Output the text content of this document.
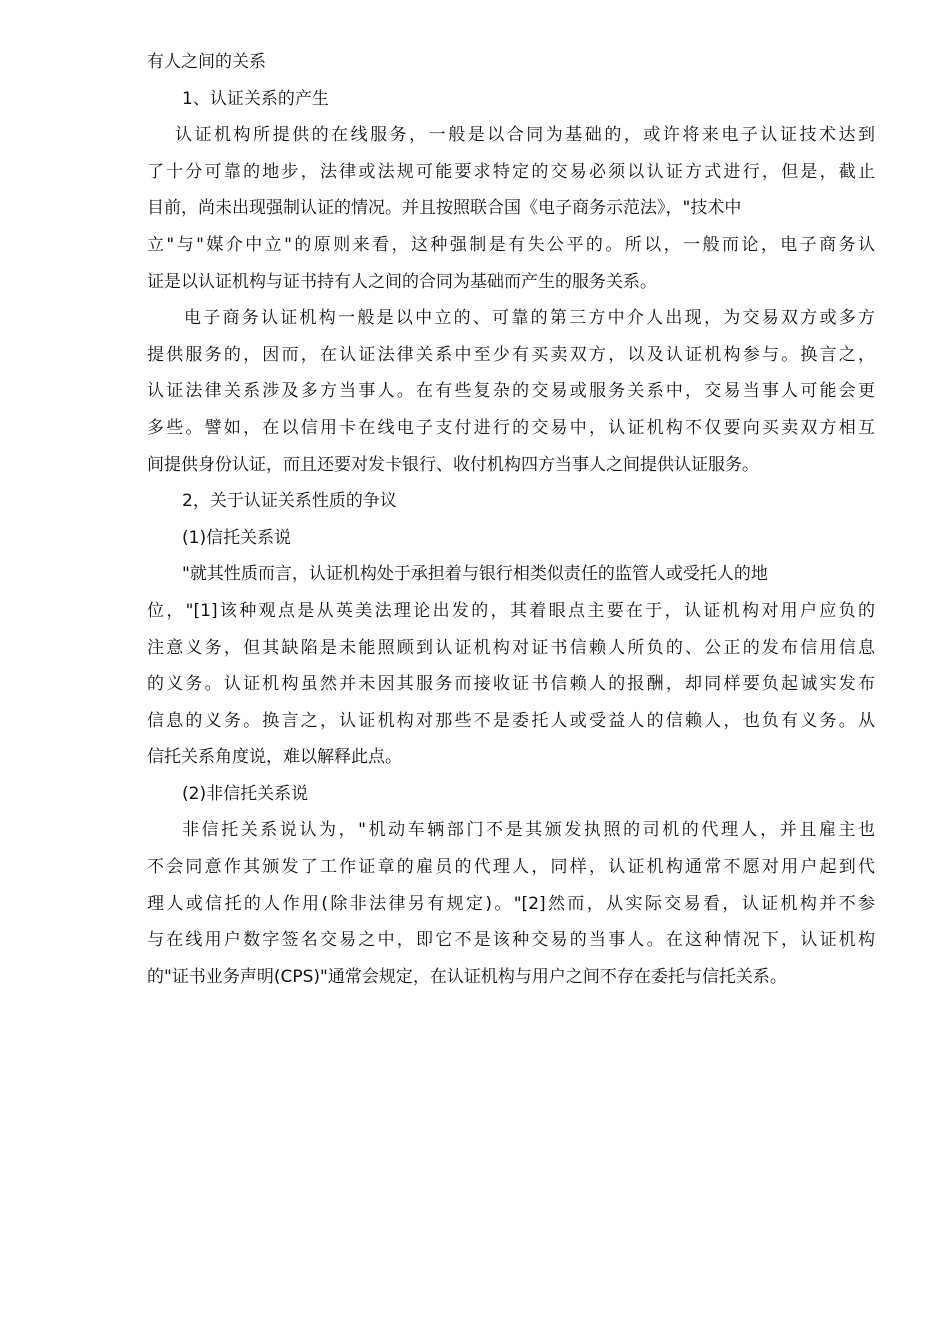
有人之间的关系
1、认证关系的产生
认证机构所提供的在线服务，一般是以合同为基础的，或许将来电子认证技术达到
了十分可靠的地步，法律或法规可能要求特定的交易必须以认证方式进行，但是，截止
目前，尚未出现强制认证的情况。并且按照联合国《电子商务示范法》，"技术中
立"与"媒介中立"的原则来看，这种强制是有失公平的。所以，一般而论，电子商务认
证是以认证机构与证书持有人之间的合同为基础而产生的服务关系。
电子商务认证机构一般是以中立的、可靠的第三方中介人出现，为交易双方或多方
提供服务的，因而，在认证法律关系中至少有买卖双方，以及认证机构参与。换言之，
认证法律关系涉及多方当事人。在有些复杂的交易或服务关系中，交易当事人可能会更
多些。譬如，在以信用卡在线电子支付进行的交易中，认证机构不仅要向买卖双方相互
间提供身份认证，而且还要对发卡银行、收付机构四方当事人之间提供认证服务。
2，关于认证关系性质的争议
(1)信托关系说
"就其性质而言，认证机构处于承担着与银行相类似责任的监管人或受托人的地
位，"[1]该种观点是从英美法理论出发的，其着眼点主要在于，认证机构对用户应负的
注意义务，但其缺陷是未能照顾到认证机构对证书信赖人所负的、公正的发布信用信息
的义务。认证机构虽然并未因其服务而接收证书信赖人的报酬，却同样要负起诚实发布
信息的义务。换言之，认证机构对那些不是委托人或受益人的信赖人，也负有义务。从
信托关系角度说，难以解释此点。
(2)非信托关系说
非信托关系说认为，"机动车辆部门不是其颁发执照的司机的代理人，并且雇主也
不会同意作其颁发了工作证章的雇员的代理人，同样，认证机构通常不愿对用户起到代
理人或信托的人作用(除非法律另有规定)。"[2]然而，从实际交易看，认证机构并不参
与在线用户数字签名交易之中，即它不是该种交易的当事人。在这种情况下，认证机构
的"证书业务声明(CPS)"通常会规定，在认证机构与用户之间不存在委托与信托关系。
